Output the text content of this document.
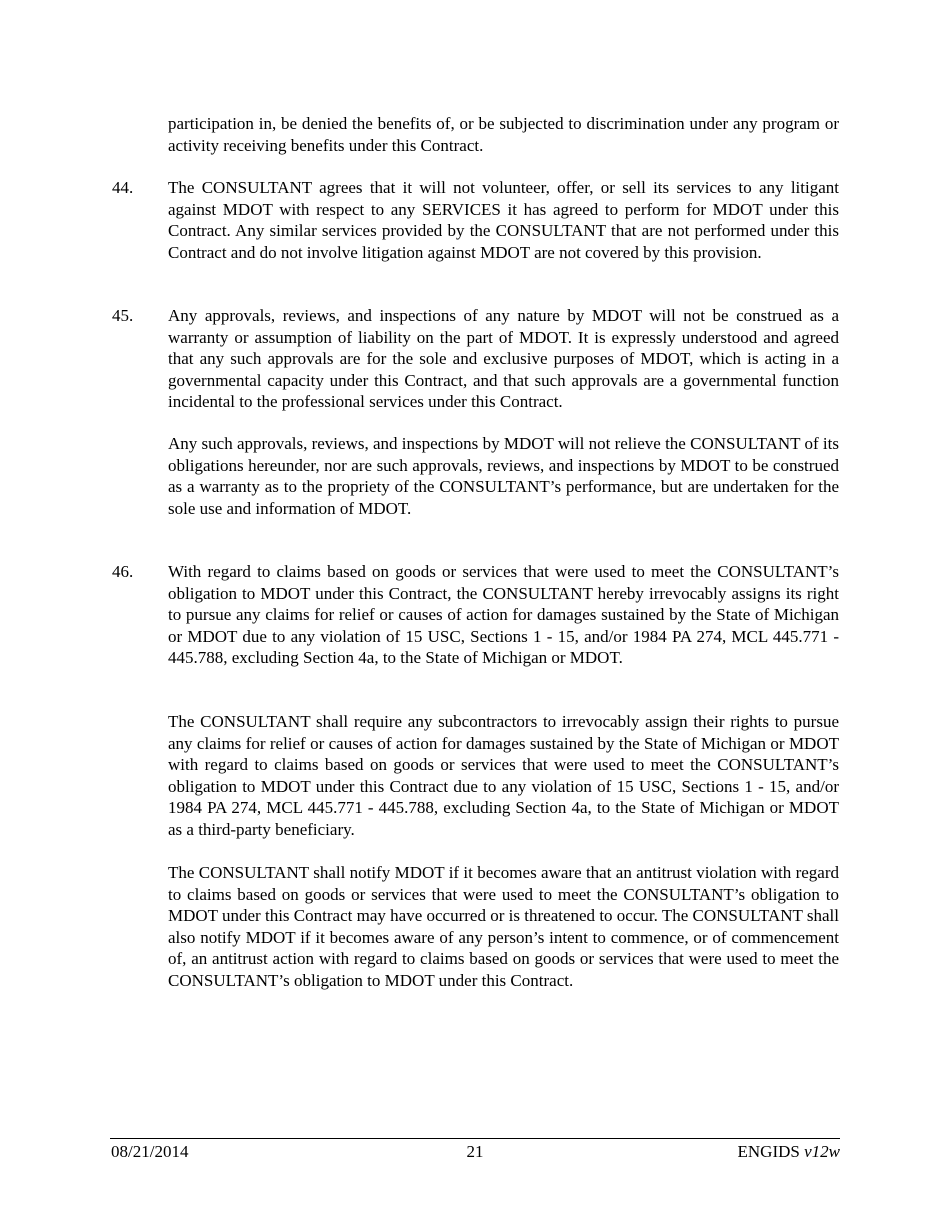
participation in, be denied the benefits of, or be subjected to discrimination under any program or activity receiving benefits under this Contract.

44. The CONSULTANT agrees that it will not volunteer, offer, or sell its services to any litigant against MDOT with respect to any SERVICES it has agreed to perform for MDOT under this Contract. Any similar services provided by the CONSULTANT that are not performed under this Contract and do not involve litigation against MDOT are not covered by this provision.

45. Any approvals, reviews, and inspections of any nature by MDOT will not be construed as a warranty or assumption of liability on the part of MDOT. It is expressly understood and agreed that any such approvals are for the sole and exclusive purposes of MDOT, which is acting in a governmental capacity under this Contract, and that such approvals are a governmental function incidental to the professional services under this Contract.

Any such approvals, reviews, and inspections by MDOT will not relieve the CONSULTANT of its obligations hereunder, nor are such approvals, reviews, and inspections by MDOT to be construed as a warranty as to the propriety of the CONSULTANT’s performance, but are undertaken for the sole use and information of MDOT.

46. With regard to claims based on goods or services that were used to meet the CONSULTANT’s obligation to MDOT under this Contract, the CONSULTANT hereby irrevocably assigns its right to pursue any claims for relief or causes of action for damages sustained by the State of Michigan or MDOT due to any violation of 15 USC, Sections 1 - 15, and/or 1984 PA 274, MCL 445.771 - 445.788, excluding Section 4a, to the State of Michigan or MDOT.

The CONSULTANT shall require any subcontractors to irrevocably assign their rights to pursue any claims for relief or causes of action for damages sustained by the State of Michigan or MDOT with regard to claims based on goods or services that were used to meet the CONSULTANT’s obligation to MDOT under this Contract due to any violation of 15 USC, Sections 1 - 15, and/or 1984 PA 274, MCL 445.771 - 445.788, excluding Section 4a, to the State of Michigan or MDOT as a third-party beneficiary.

The CONSULTANT shall notify MDOT if it becomes aware that an antitrust violation with regard to claims based on goods or services that were used to meet the CONSULTANT’s obligation to MDOT under this Contract may have occurred or is threatened to occur. The CONSULTANT shall also notify MDOT if it becomes aware of any person’s intent to commence, or of commencement of, an antitrust action with regard to claims based on goods or services that were used to meet the CONSULTANT’s obligation to MDOT under this Contract.

08/21/2014	21	ENGIDS v12w
